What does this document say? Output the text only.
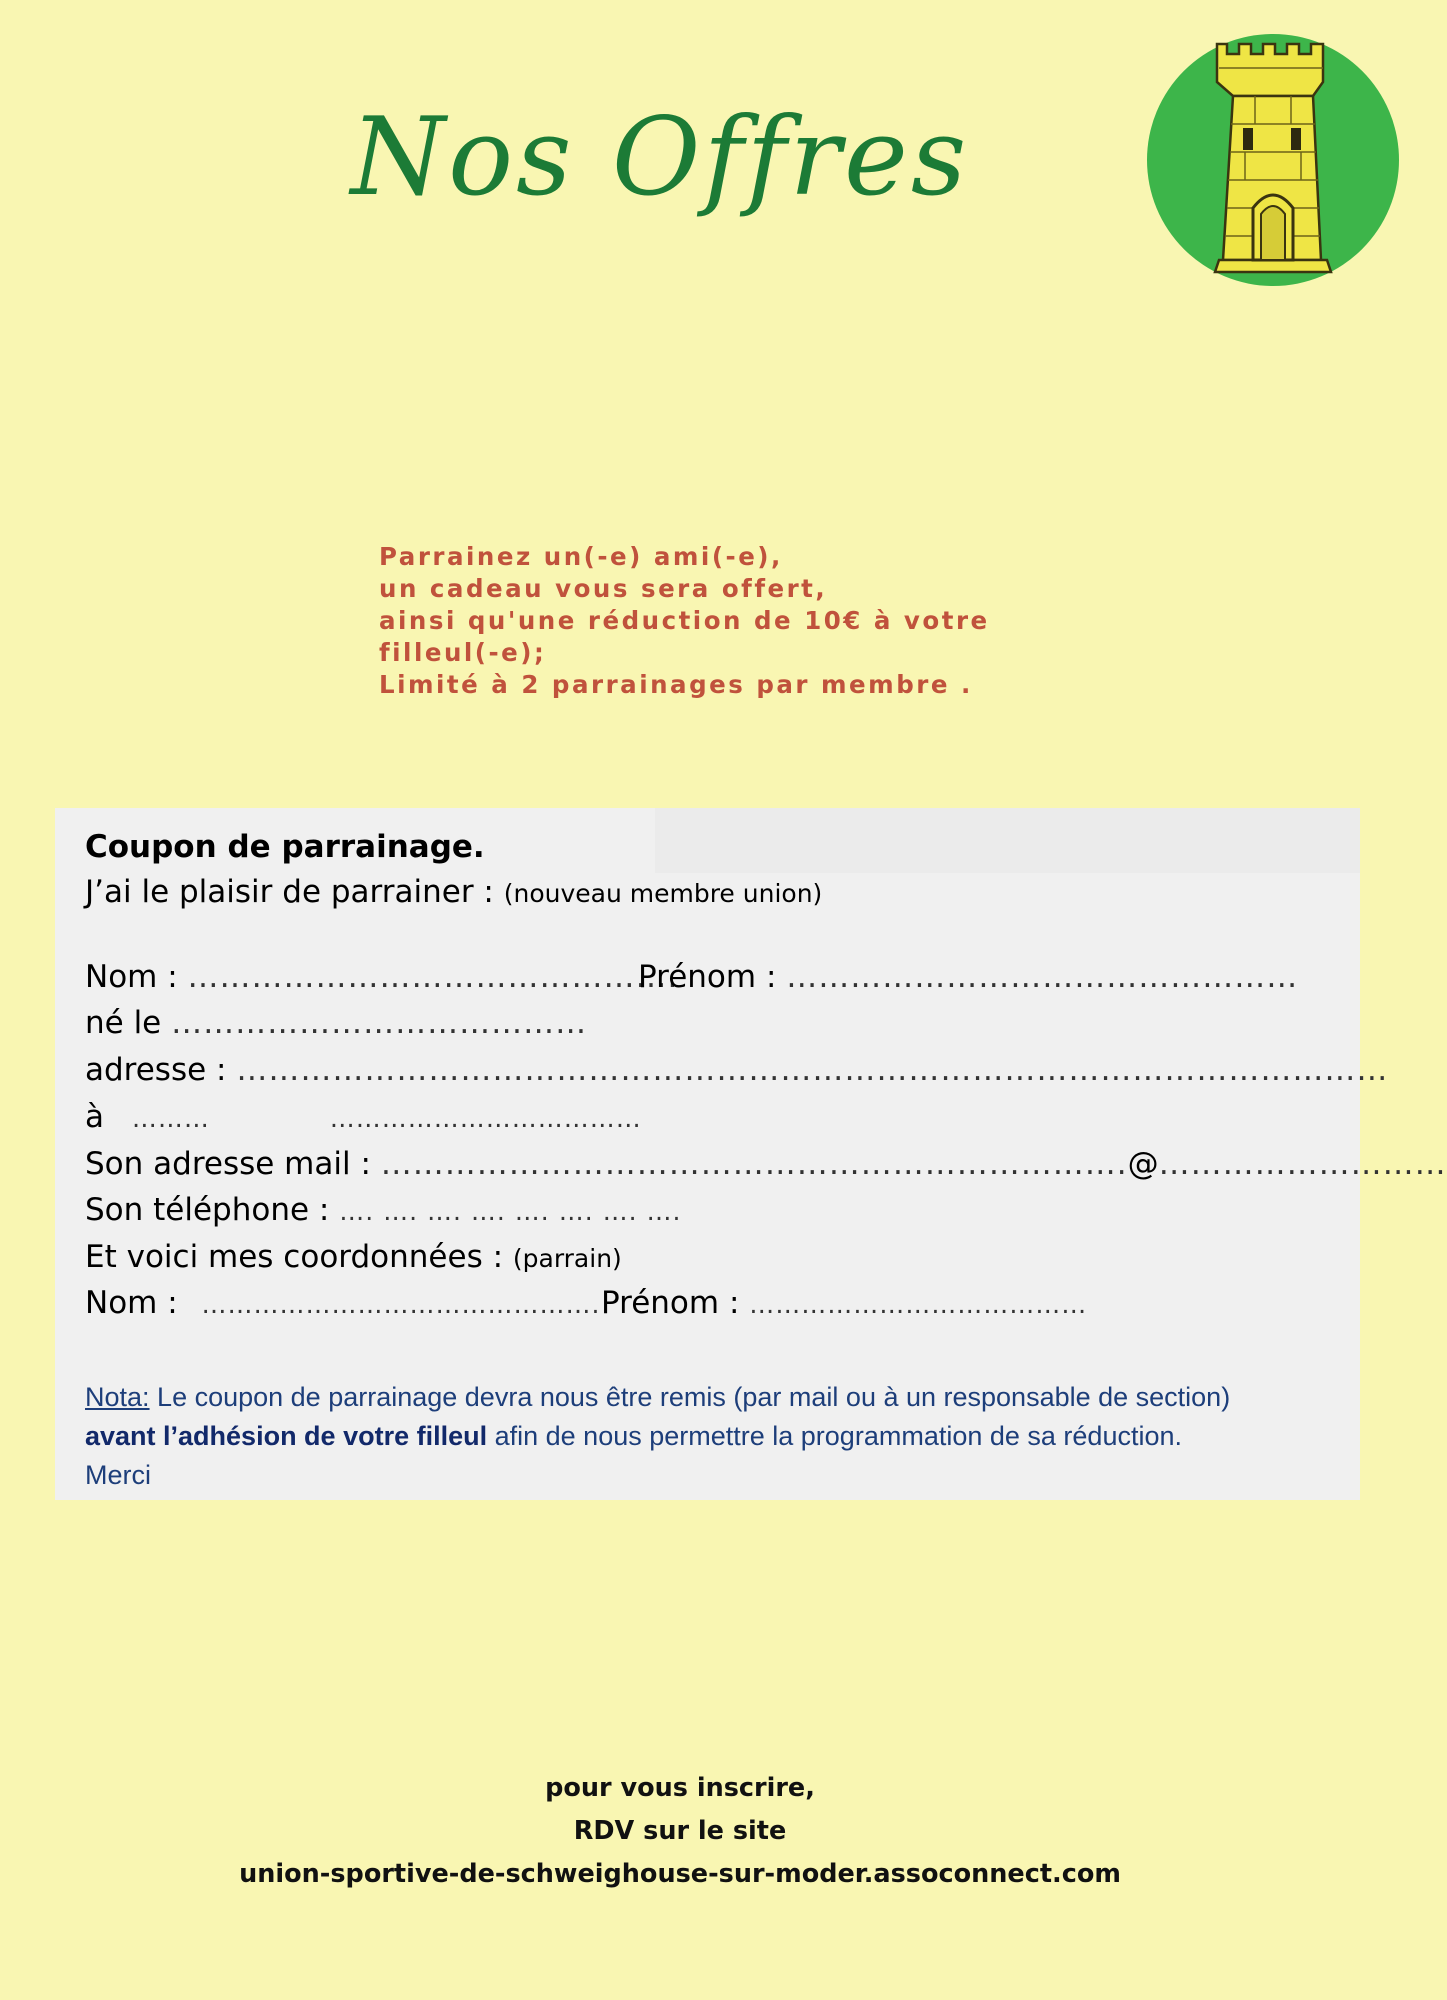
Nos Offres
Parrainez un(-e) ami(-e),
un cadeau vous sera offert,
ainsi qu'une réduction de 10€ à votre
filleul(-e);
Limité à 2 parrainages par membre .
Coupon de parrainage.
J’ai le plaisir de parrainer : (nouveau membre union)
Nom : ……………………………………….
Prénom : …………………………………………
né le …………………………………
adresse : ………………………………………………………………………………………………
à ………	………………………………
Son adresse mail : …………………………………………………………….@………………………
Son téléphone : …. …. …. …. …. …. …. ….
Et voici mes coordonnées : (parrain)
Nom : ………………………………………. Prénom : …………………………………
Nota: Le coupon de parrainage devra nous être remis (par mail ou à un responsable de section)
avant l’adhésion de votre filleul afin de nous permettre la programmation de sa réduction.
Merci
pour vous inscrire,
RDV sur le site
union-sportive-de-schweighouse-sur-moder.assoconnect.com
